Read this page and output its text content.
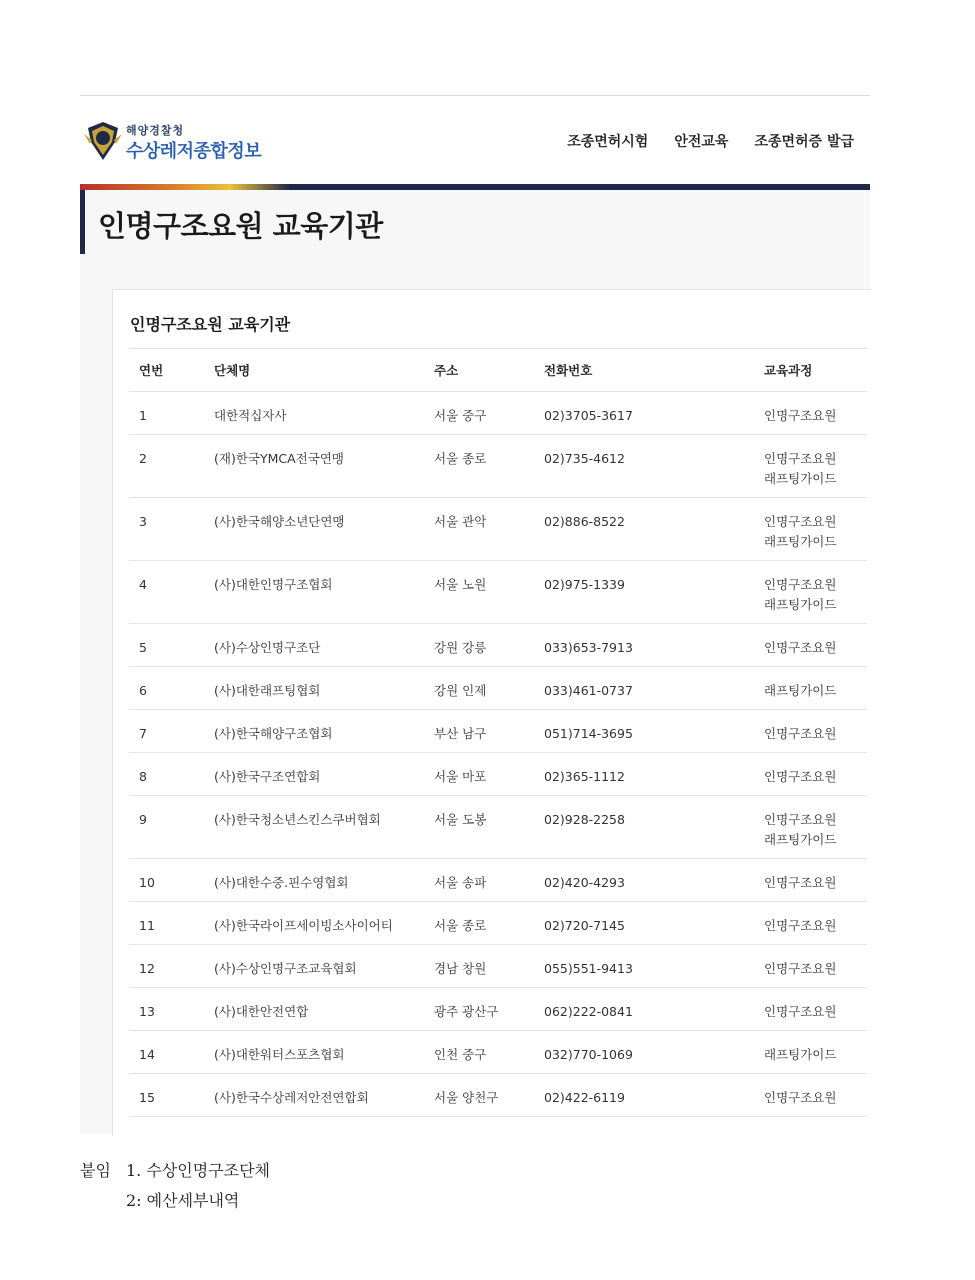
해양경찰청
수상레저종합정보	조종면허시험 안전교육 조종면허증 발급
인명구조요원 교육기관
인명구조요원 교육기관
연번	단체명	주소	전화번호	교육과정
1	대한적십자사	서울 중구	02)3705-3617	인명구조요원

2	(재)한국YMCA전국연맹	서울 종로	02)735-4612	인명구조요원
래프팅가이드

3	(사)한국해양소년단연맹	서울 관악	02)886-8522	인명구조요원
래프팅가이드

4	(사)대한인명구조협회	서울 노원	02)975-1339	인명구조요원
래프팅가이드

5	(사)수상인명구조단	강원 강릉	033)653-7913	인명구조요원

6	(사)대한래프팅협회	강원 인제	033)461-0737	래프팅가이드

7	(사)한국해양구조협회	부산 남구	051)714-3695	인명구조요원

8	(사)한국구조연합회	서울 마포	02)365-1112	인명구조요원

9	(사)한국청소년스킨스쿠버협회	서울 도봉	02)928-2258	인명구조요원
래프팅가이드

10	(사)대한수중.핀수영협회	서울 송파	02)420-4293	인명구조요원

11	(사)한국라이프세이빙소사이어티	서울 종로	02)720-7145	인명구조요원

12	(사)수상인명구조교육협회	경남 창원	055)551-9413	인명구조요원

13	(사)대한안전연합	광주 광산구	062)222-0841	인명구조요원

14	(사)대한워터스포츠협회	인천 중구	032)770-1069	래프팅가이드

15	(사)한국수상레저안전연합회	서울 양천구	02)422-6119	인명구조요원
붙임 1. 수상인명구조단체
2: 예산세부내역
